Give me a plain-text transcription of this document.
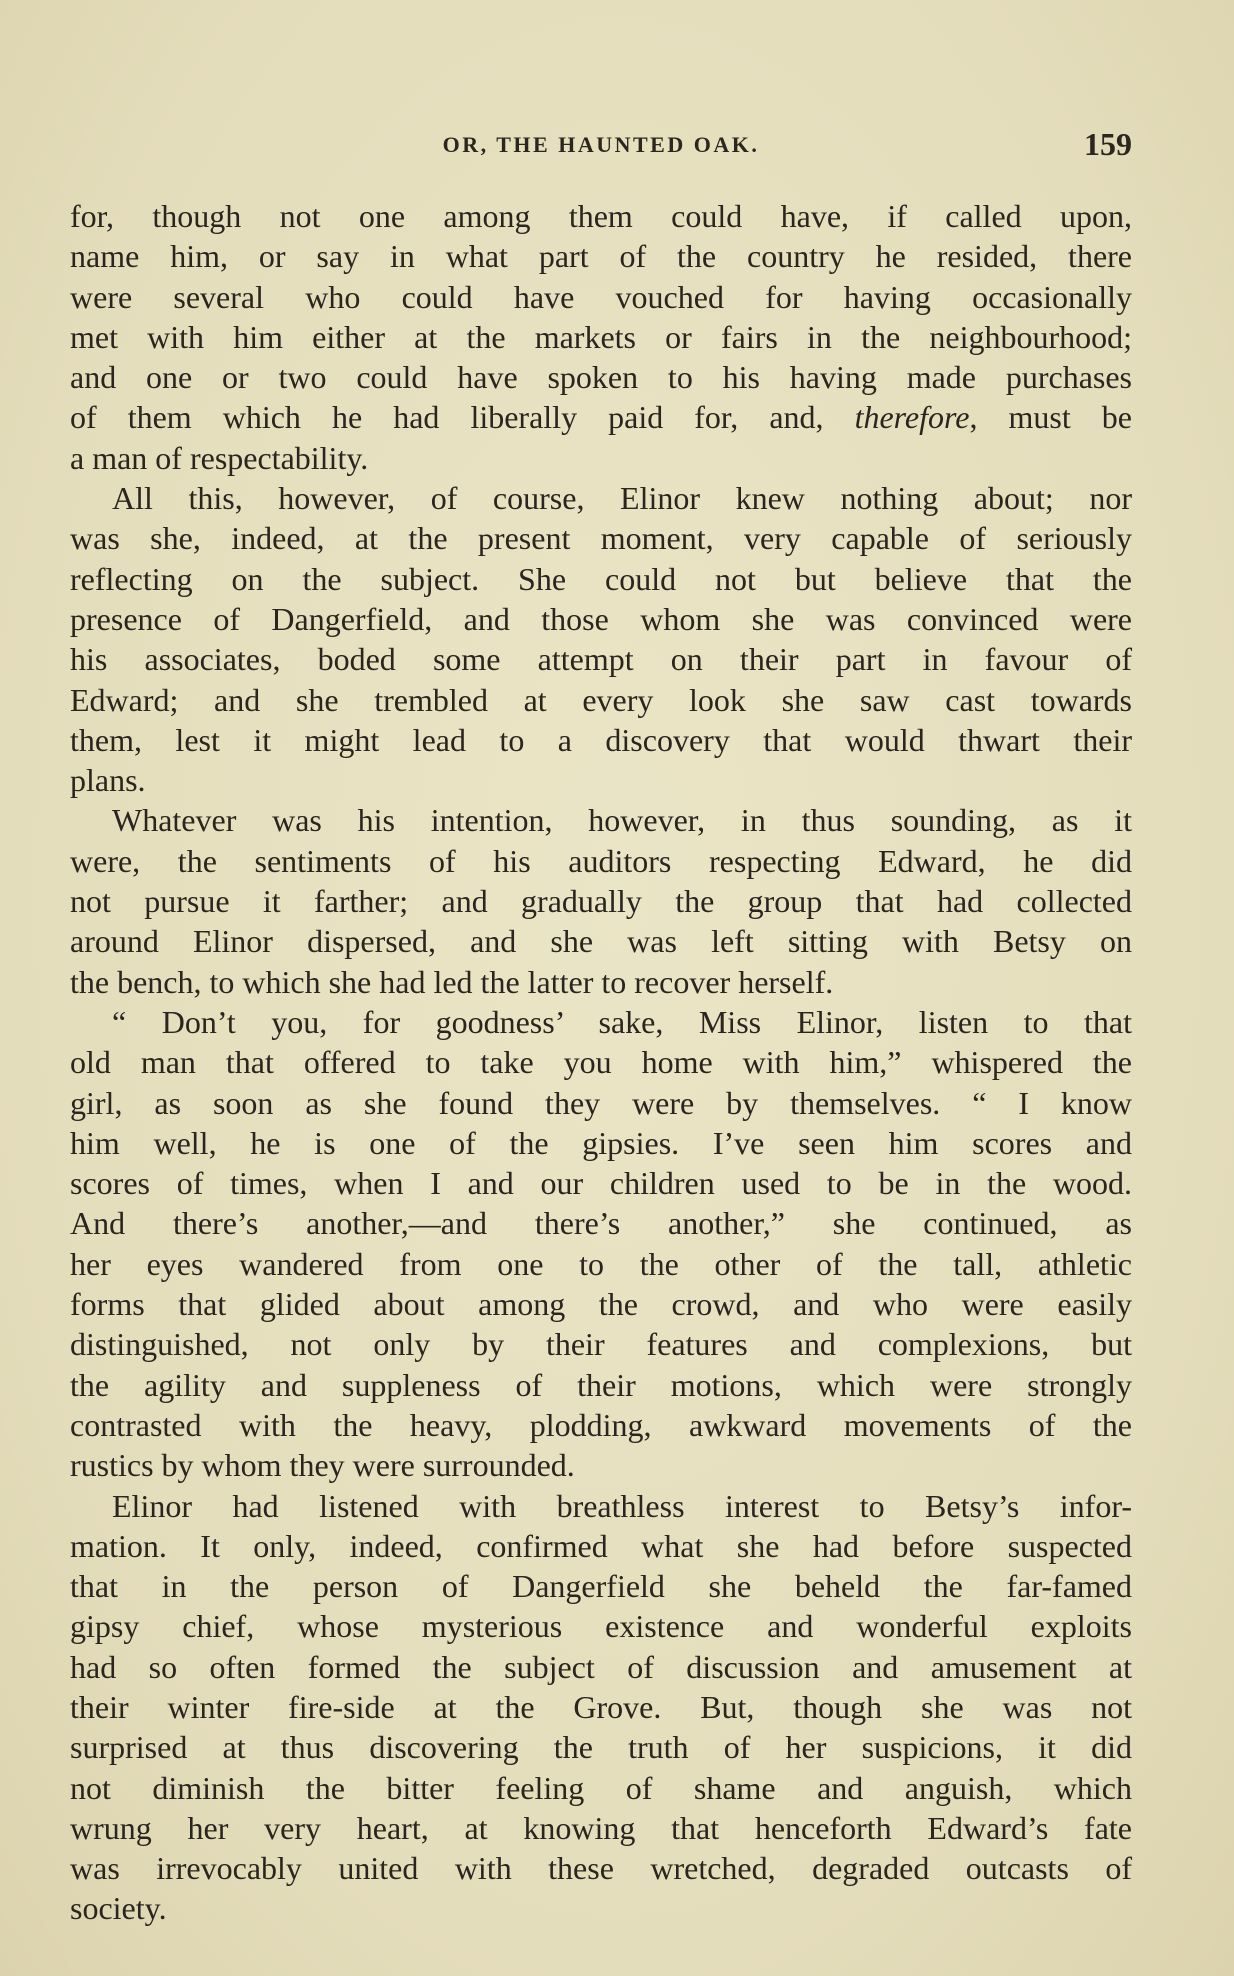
OR, THE HAUNTED OAK.	159
for, though not one among them could have, if called upon,
name him, or say in what part of the country he resided, there
were several who could have vouched for having occasionally
met with him either at the markets or fairs in the neighbourhood;
and one or two could have spoken to his having made purchases
of them which he had liberally paid for, and, therefore, must be
a man of respectability.
All this, however, of course, Elinor knew nothing about; nor
was she, indeed, at the present moment, very capable of seriously
reflecting on the subject. She could not but believe that the
presence of Dangerfield, and those whom she was convinced were
his associates, boded some attempt on their part in favour of
Edward; and she trembled at every look she saw cast towards
them, lest it might lead to a discovery that would thwart their
plans.
Whatever was his intention, however, in thus sounding, as it
were, the sentiments of his auditors respecting Edward, he did
not pursue it farther; and gradually the group that had collected
around Elinor dispersed, and she was left sitting with Betsy on
the bench, to which she had led the latter to recover herself.
“ Don’t you, for goodness’ sake, Miss Elinor, listen to that
old man that offered to take you home with him,” whispered the
girl, as soon as she found they were by themselves. “ I know
him well, he is one of the gipsies. I’ve seen him scores and
scores of times, when I and our children used to be in the wood.
And there’s another,—and there’s another,” she continued, as
her eyes wandered from one to the other of the tall, athletic
forms that glided about among the crowd, and who were easily
distinguished, not only by their features and complexions, but
the agility and suppleness of their motions, which were strongly
contrasted with the heavy, plodding, awkward movements of the
rustics by whom they were surrounded.
Elinor had listened with breathless interest to Betsy’s infor-
mation. It only, indeed, confirmed what she had before suspected
that in the person of Dangerfield she beheld the far-famed
gipsy chief, whose mysterious existence and wonderful exploits
had so often formed the subject of discussion and amusement at
their winter fire-side at the Grove. But, though she was not
surprised at thus discovering the truth of her suspicions, it did
not diminish the bitter feeling of shame and anguish, which
wrung her very heart, at knowing that henceforth Edward’s fate
was irrevocably united with these wretched, degraded outcasts of
society.
